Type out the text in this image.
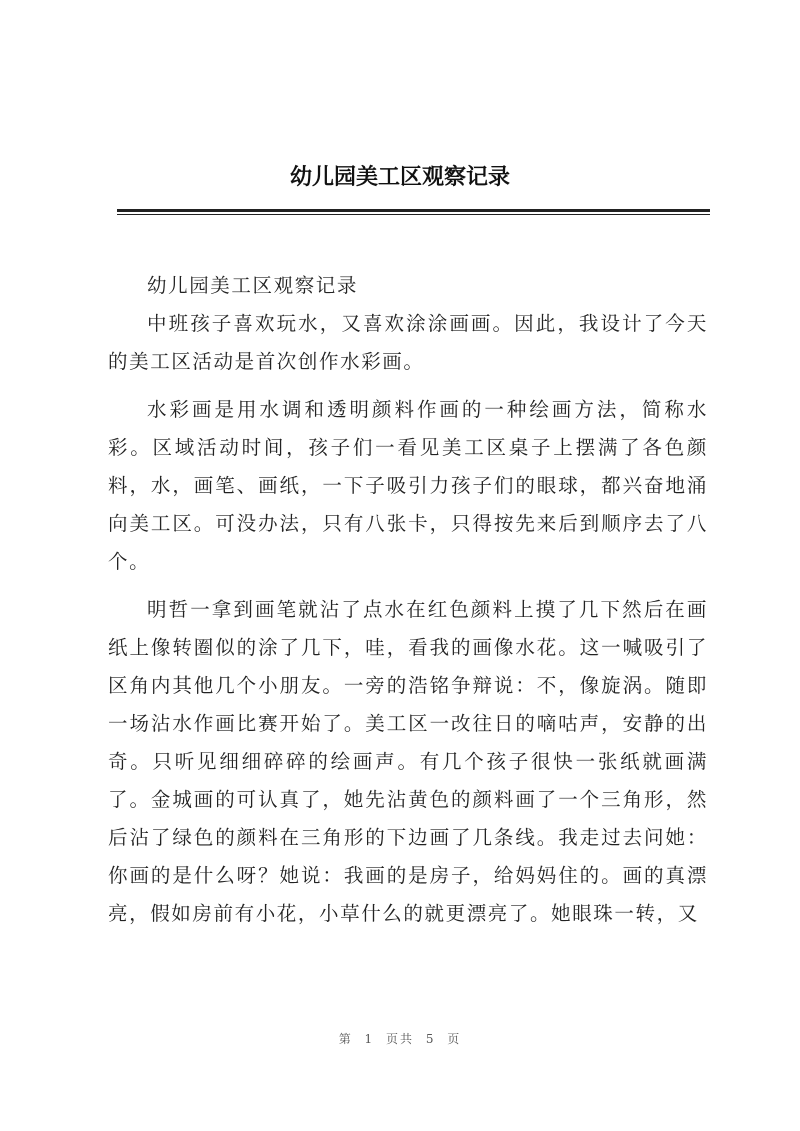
幼儿园美工区观察记录

幼儿园美工区观察记录

中班孩子喜欢玩水，又喜欢涂涂画画。因此，我设计了今天的美工区活动是首次创作水彩画。

水彩画是用水调和透明颜料作画的一种绘画方法，简称水彩。区域活动时间，孩子们一看见美工区桌子上摆满了各色颜料，水，画笔、画纸，一下子吸引力孩子们的眼球，都兴奋地涌向美工区。可没办法，只有八张卡，只得按先来后到顺序去了八个。

明哲一拿到画笔就沾了点水在红色颜料上摸了几下然后在画纸上像转圈似的涂了几下，哇，看我的画像水花。这一喊吸引了区角内其他几个小朋友。一旁的浩铭争辩说：不，像旋涡。随即一场沾水作画比赛开始了。美工区一改往日的嘀咕声，安静的出奇。只听见细细碎碎的绘画声。有几个孩子很快一张纸就画满了。金城画的可认真了，她先沾黄色的颜料画了一个三角形，然后沾了绿色的颜料在三角形的下边画了几条线。我走过去问她：你画的是什么呀？她说：我画的是房子，给妈妈住的。画的真漂亮，假如房前有小花，小草什么的就更漂亮了。她眼珠一转，又

第 1 页共 5 页
